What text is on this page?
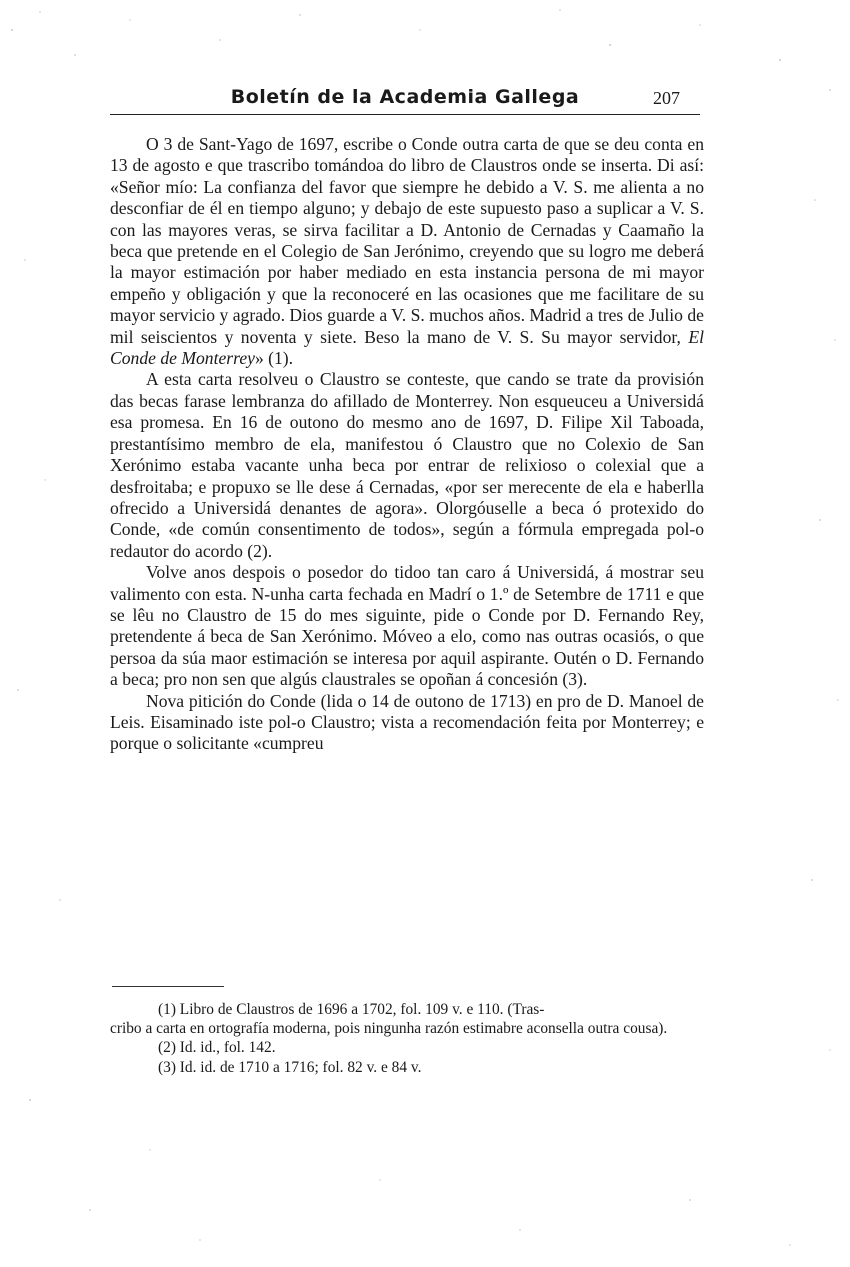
Boletín de la Academia Gallega	207

O 3 de Sant-Yago de 1697, escribe o Conde outra carta de que se deu conta en 13 de agosto e que trascribo tomándoa do libro de Claustros onde se inserta. Di así: «Señor mío: La confianza del favor que siempre he debido a V. S. me alienta a no desconfiar de él en tiempo alguno; y debajo de este supuesto paso a suplicar a V. S. con las mayores veras, se sirva facilitar a D. Antonio de Cernadas y Caamaño la beca que pretende en el Colegio de San Jerónimo, creyendo que su logro me deberá la mayor estimación por haber mediado en esta instancia persona de mi mayor empeño y obligación y que la reconoceré en las ocasiones que me facilitare de su mayor servicio y agrado. Dios guarde a V. S. muchos años. Madrid a tres de Julio de mil seiscientos y noventa y siete. Beso la mano de V. S. Su mayor servidor, El Conde de Monterrey» (1).

A esta carta resolveu o Claustro se conteste, que cando se trate da provisión das becas farase lembranza do afillado de Monterrey. Non esqueuceu a Universidá esa promesa. En 16 de outono do mesmo ano de 1697, D. Filipe Xil Taboada, prestantísimo membro de ela, manifestou ó Claustro que no Colexio de San Xerónimo estaba vacante unha beca por entrar de relixioso o colexial que a desfroitaba; e propuxo se lle dese á Cernadas, «por ser merecente de ela e haberlla ofrecido a Universidá denantes de agora». Olorgóuselle a beca ó protexido do Conde, «de común consentimento de todos», según a fórmula empregada pol-o redautor do acordo (2).

Volve anos despois o posedor do tidoo tan caro á Universidá, á mostrar seu valimento con esta. N-unha carta fechada en Madrí o 1.º de Setembre de 1711 e que se lêu no Claustro de 15 do mes siguinte, pide o Conde por D. Fernando Rey, pretendente á beca de San Xerónimo. Móveo a elo, como nas outras ocasiós, o que persoa da súa maor estimación se interesa por aquil aspirante. Outén o D. Fernando a beca; pro non sen que algús claustrales se opoñan á concesión (3).

Nova pitición do Conde (lida o 14 de outono de 1713) en pro de D. Manoel de Leis. Eisaminado iste pol-o Claustro; vista a recomendación feita por Monterrey; e porque o solicitante «cumpreu

(1) Libro de Claustros de 1696 a 1702, fol. 109 v. e 110. (Tras-

cribo a carta en ortografía moderna, pois ningunha razón estimabre aconsella outra cousa).

(2) Id. id., fol. 142.

(3) Id. id. de 1710 a 1716; fol. 82 v. e 84 v.
